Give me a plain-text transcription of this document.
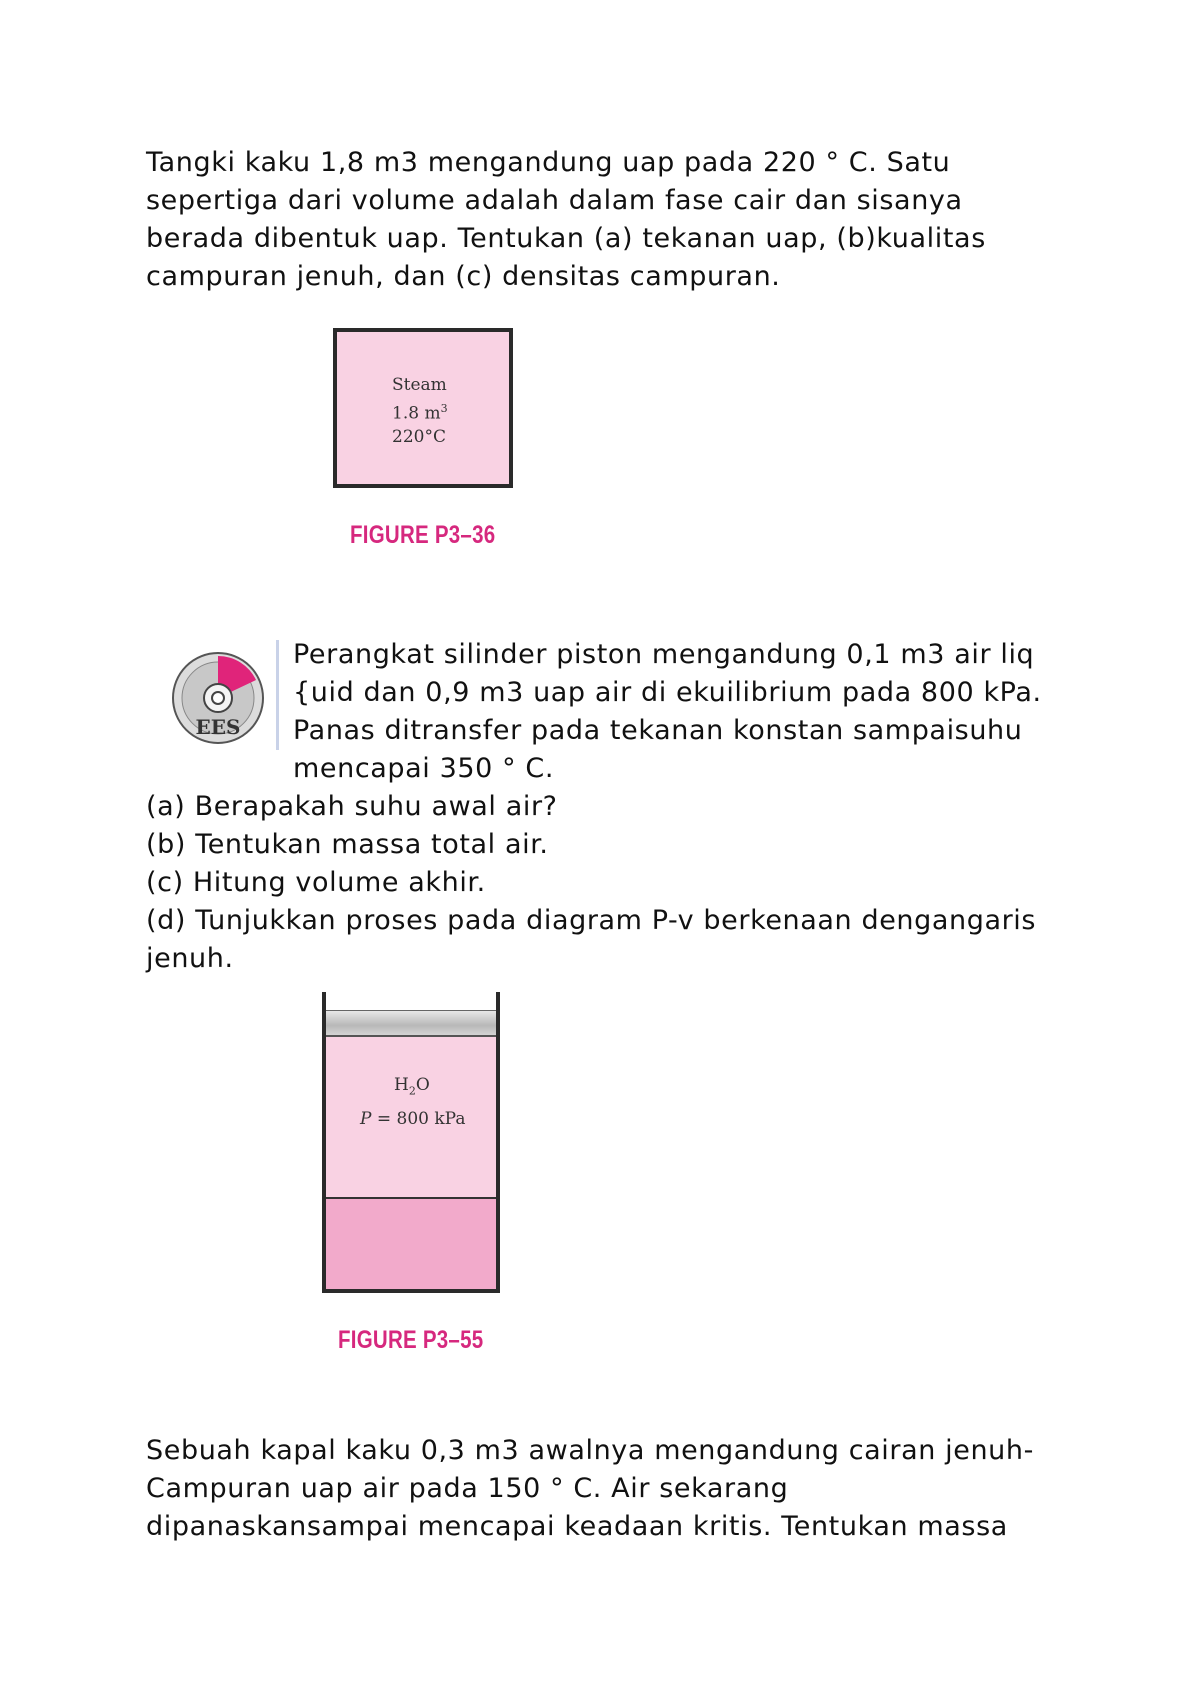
Tangki kaku 1,8 m3 mengandung uap pada 220 ° C. Satu
sepertiga dari volume adalah dalam fase cair dan sisanya
berada dibentuk uap. Tentukan (a) tekanan uap, (b)kualitas
campuran jenuh, dan (c) densitas campuran.
Steam
1.8 $m^3$
220°C
FIGURE P3–36
EES
Perangkat silinder piston mengandung 0,1 m3 air liq
{uid dan 0,9 m3 uap air di ekuilibrium pada 800 kPa.
Panas ditransfer pada tekanan konstan sampaisuhu
mencapai 350 ° C.
(a) Berapakah suhu awal air?
(b) Tentukan massa total air.
(c) Hitung volume akhir.
(d) Tunjukkan proses pada diagram P-v berkenaan dengangaris
jenuh.
$H_2O$
P = 800 kPa
FIGURE P3–55
Sebuah kapal kaku 0,3 m3 awalnya mengandung cairan jenuh-
Campuran uap air pada 150 ° C. Air sekarang
dipanaskansampai mencapai keadaan kritis. Tentukan massa
